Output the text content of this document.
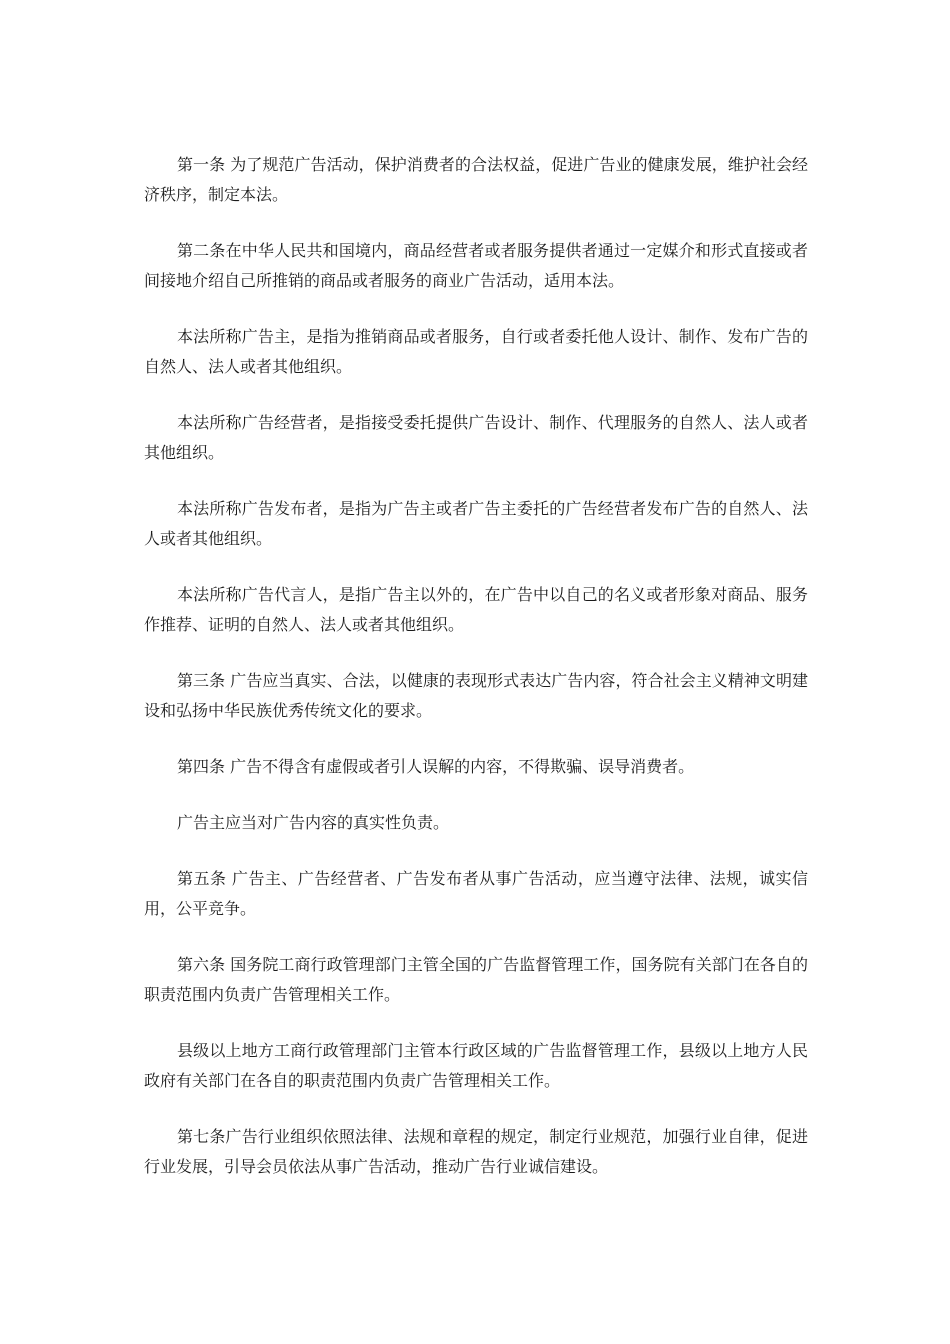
第一条 为了规范广告活动，保护消费者的合法权益，促进广告业的健康发展，维护社会经济秩序，制定本法。

第二条在中华人民共和国境内，商品经营者或者服务提供者通过一定媒介和形式直接或者间接地介绍自己所推销的商品或者服务的商业广告活动，适用本法。

本法所称广告主，是指为推销商品或者服务，自行或者委托他人设计、制作、发布广告的自然人、法人或者其他组织。

本法所称广告经营者，是指接受委托提供广告设计、制作、代理服务的自然人、法人或者其他组织。

本法所称广告发布者，是指为广告主或者广告主委托的广告经营者发布广告的自然人、法人或者其他组织。

本法所称广告代言人，是指广告主以外的，在广告中以自己的名义或者形象对商品、服务作推荐、证明的自然人、法人或者其他组织。

第三条 广告应当真实、合法，以健康的表现形式表达广告内容，符合社会主义精神文明建设和弘扬中华民族优秀传统文化的要求。

第四条 广告不得含有虚假或者引人误解的内容，不得欺骗、误导消费者。

广告主应当对广告内容的真实性负责。

第五条 广告主、广告经营者、广告发布者从事广告活动，应当遵守法律、法规，诚实信用，公平竞争。

第六条 国务院工商行政管理部门主管全国的广告监督管理工作，国务院有关部门在各自的职责范围内负责广告管理相关工作。

县级以上地方工商行政管理部门主管本行政区域的广告监督管理工作，县级以上地方人民政府有关部门在各自的职责范围内负责广告管理相关工作。

第七条广告行业组织依照法律、法规和章程的规定，制定行业规范，加强行业自律，促进行业发展，引导会员依法从事广告活动，推动广告行业诚信建设。
